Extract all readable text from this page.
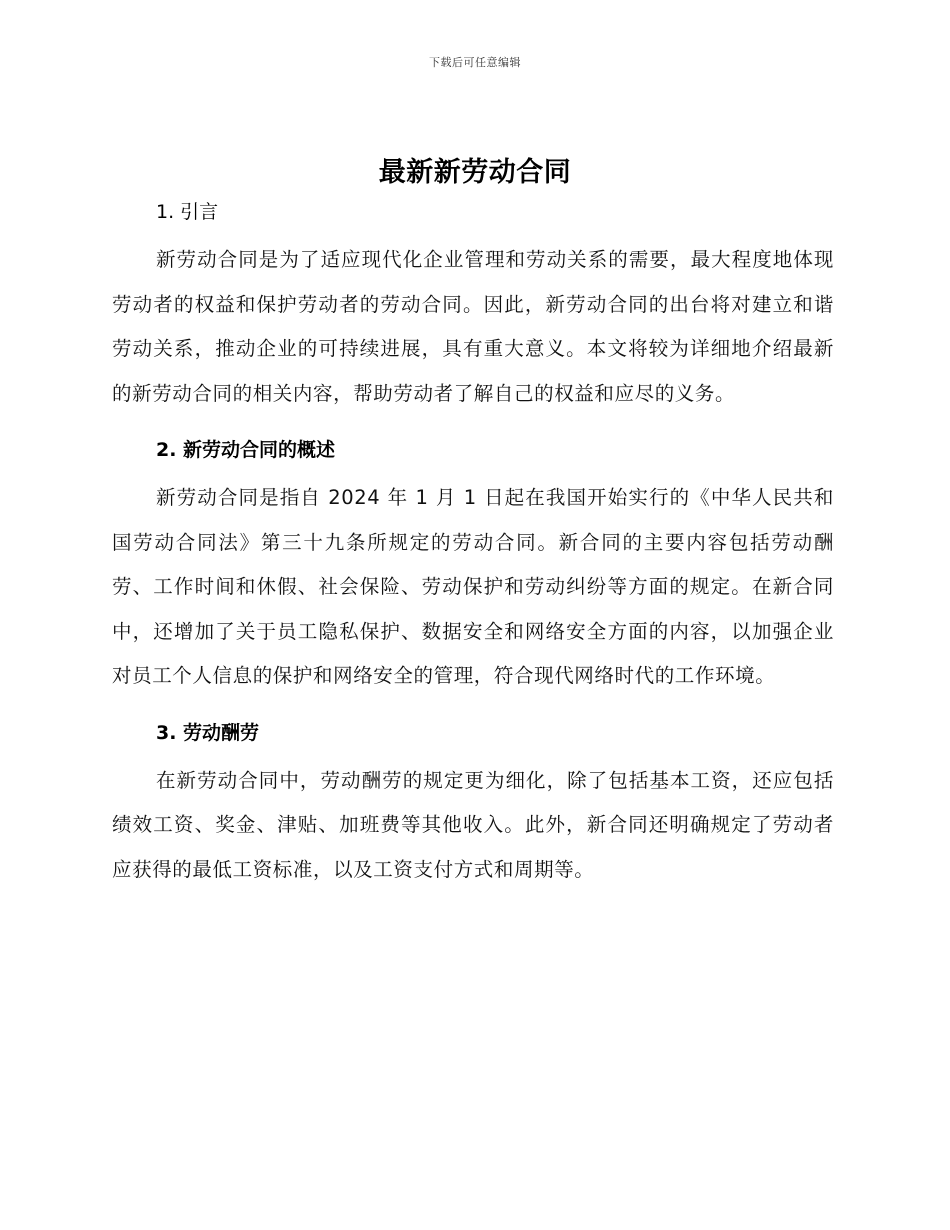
下载后可任意编辑
最新新劳动合同
1. 引言

新劳动合同是为了适应现代化企业管理和劳动关系的需要，最大程度地体现劳动者的权益和保护劳动者的劳动合同。因此，新劳动合同的出台将对建立和谐劳动关系，推动企业的可持续进展，具有重大意义。本文将较为详细地介绍最新的新劳动合同的相关内容，帮助劳动者了解自己的权益和应尽的义务。

2. 新劳动合同的概述

新劳动合同是指自 2024 年 1 月 1 日起在我国开始实行的《中华人民共和国劳动合同法》第三十九条所规定的劳动合同。新合同的主要内容包括劳动酬劳、工作时间和休假、社会保险、劳动保护和劳动纠纷等方面的规定。在新合同中，还增加了关于员工隐私保护、数据安全和网络安全方面的内容，以加强企业对员工个人信息的保护和网络安全的管理，符合现代网络时代的工作环境。

3. 劳动酬劳

在新劳动合同中，劳动酬劳的规定更为细化，除了包括基本工资，还应包括绩效工资、奖金、津贴、加班费等其他收入。此外，新合同还明确规定了劳动者应获得的最低工资标准，以及工资支付方式和周期等。
